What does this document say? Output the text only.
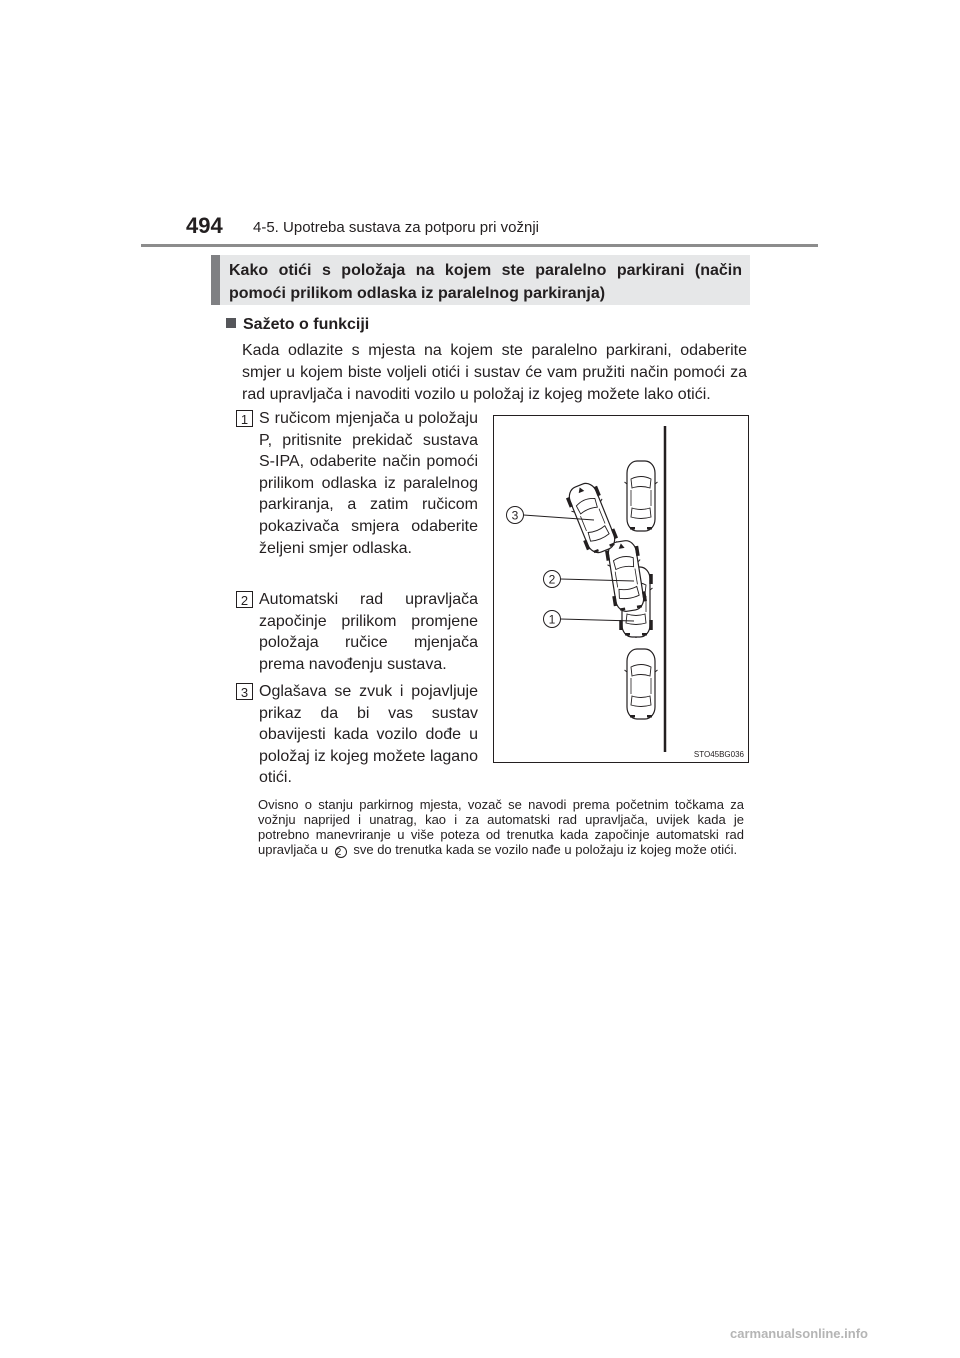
494 4-5. Upotreba sustava za potporu pri vožnji
Kako otići s položaja na kojem ste paralelno parkirani (način pomoći prilikom odlaska iz paralelnog parkiranja)
Sažeto o funkciji

Kada odlazite s mjesta na kojem ste paralelno parkirani, odaberite smjer u kojem biste voljeli otići i sustav će vam pružiti način pomoći za rad upravljača i navoditi vozilo u položaj iz kojeg možete lako otići.

1 S ručicom mjenjača u položaju P, pritisnite prekidač sustava S-IPA, odaberite način pomoći prilikom odlaska iz paralelnog parkiranja, a zatim ručicom pokazivača smjera odaberite željeni smjer odlaska.

2 Automatski rad upravljača započinje prilikom promjene položaja ručice mjenjača prema navođenju sustava.

3 Oglašava se zvuk i pojavljuje prikaz da bi vas sustav obavijesti kada vozilo dođe u položaj iz kojeg možete lagano otići.

3
2
1
STO45BG036

Ovisno o stanju parkirnog mjesta, vozač se navodi prema početnim točkama za vožnju naprijed i unatrag, kao i za automatski rad upravljača, uvijek kada je potrebno manevriranje u više poteza od trenutka kada započinje automatski rad upravljača u 2 sve do trenutka kada se vozilo nađe u položaju iz kojeg može otići.

carmanualsonline.info
